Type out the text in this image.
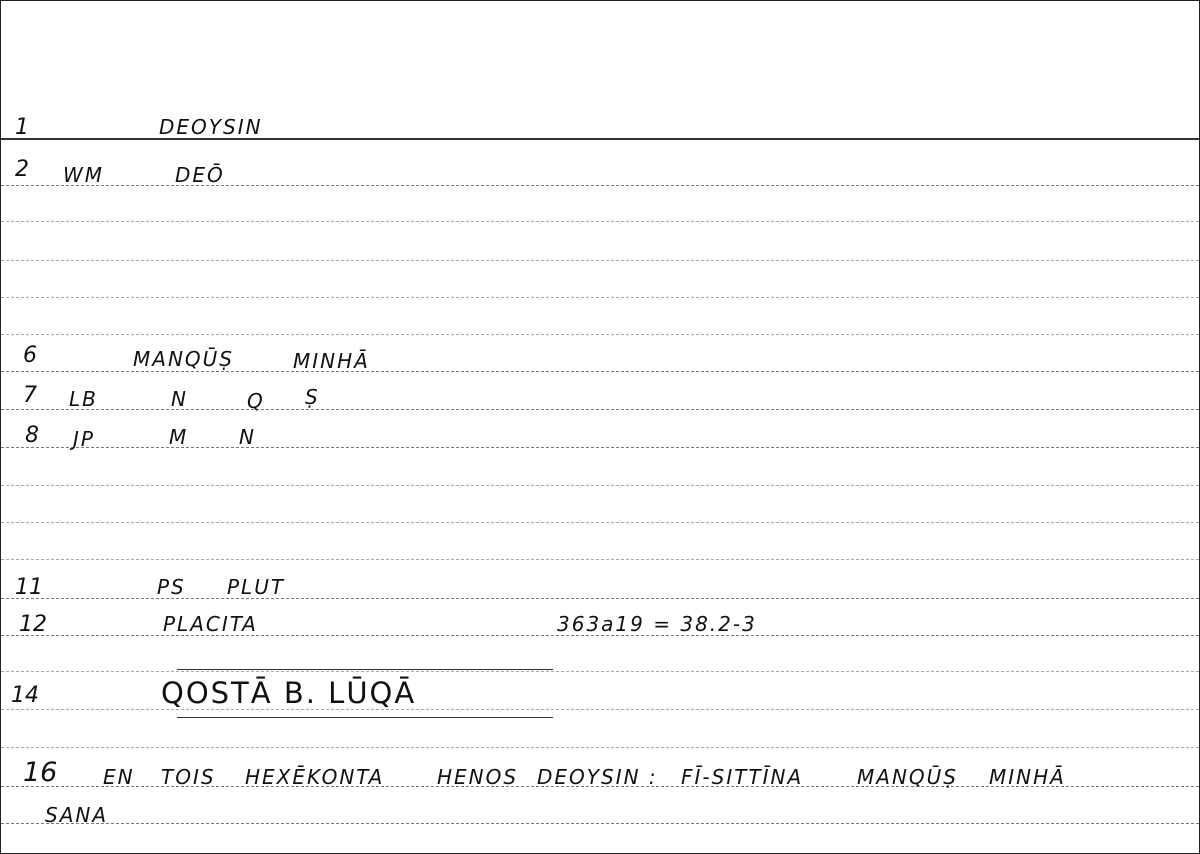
1	DEOYSIN
2 WM	DEŌ
6	MANQŪṢ	MINHĀ
7 LB	N	Q Ṣ
8 JP	M	N
11	PS PLUT
12	PLACITA	363a19 = 38.2-3
14	QOSTĀ B. LŪQĀ
16 EN TOIS HEXĒKONTA	HENOS DEOYSIN : FĪ-SITTĪNA	MANQŪṢ MINHĀ
SANA
